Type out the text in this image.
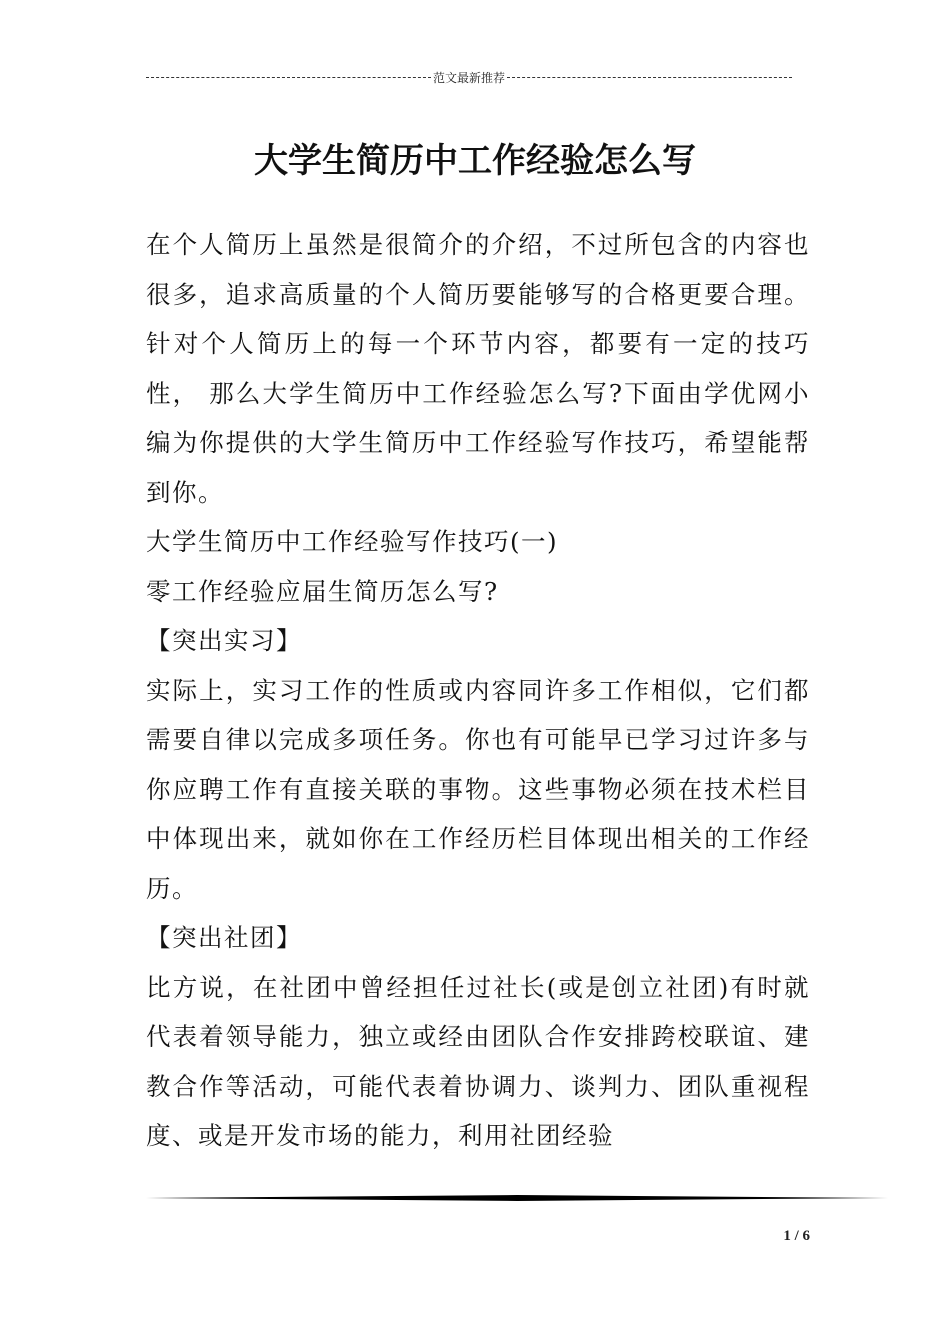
范文最新推荐
大学生简历中工作经验怎么写

在个人简历上虽然是很简介的介绍，不过所包含的内容也很多，追求高质量的个人简历要能够写的合格更要合理。针对个人简历上的每一个环节内容，都要有一定的技巧性， 那么大学生简历中工作经验怎么写?下面由学优网小编为你提供的大学生简历中工作经验写作技巧，希望能帮到你。

大学生简历中工作经验写作技巧(一)

零工作经验应届生简历怎么写?

【突出实习】

实际上，实习工作的性质或内容同许多工作相似，它们都需要自律以完成多项任务。你也有可能早已学习过许多与你应聘工作有直接关联的事物。这些事物必须在技术栏目中体现出来，就如你在工作经历栏目体现出相关的工作经历。

【突出社团】

比方说，在社团中曾经担任过社长(或是创立社团)有时就代表着领导能力，独立或经由团队合作安排跨校联谊、建教合作等活动，可能代表着协调力、谈判力、团队重视程度、或是开发市场的能力，利用社团经验

1 / 6
